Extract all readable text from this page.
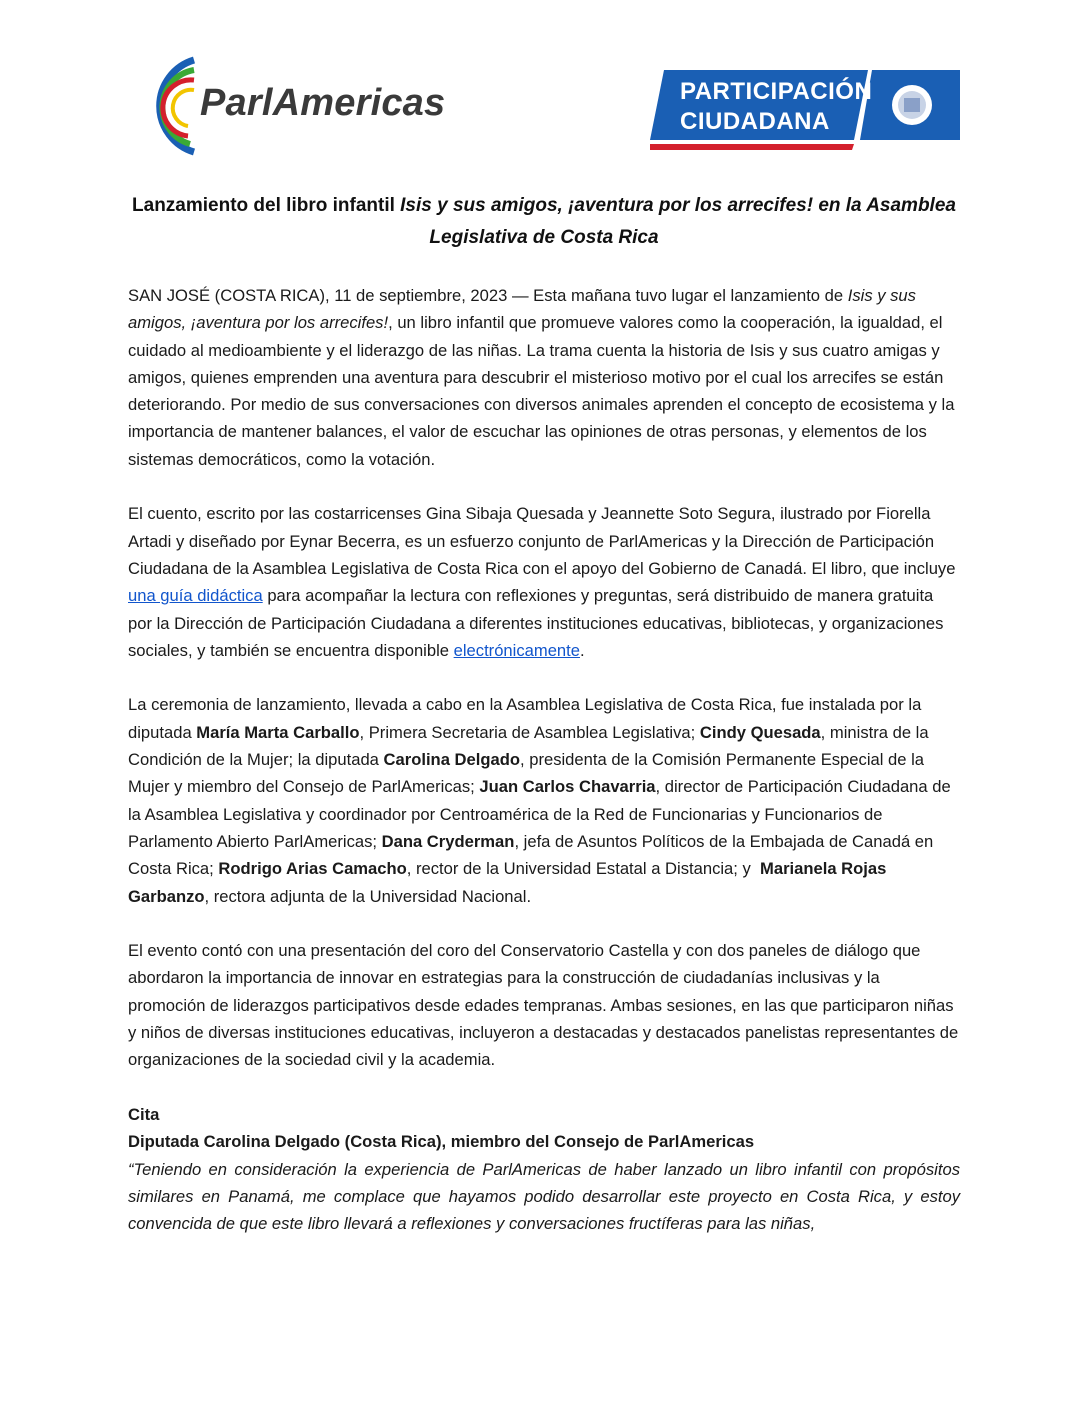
ParlAmericas	PARTICIPACIÓN
CIUDADANA
Lanzamiento del libro infantil Isis y sus amigos, ¡aventura por los arrecifes! en la Asamblea Legislativa de Costa Rica

SAN JOSÉ (COSTA RICA), 11 de septiembre, 2023 — Esta mañana tuvo lugar el lanzamiento de Isis y sus amigos, ¡aventura por los arrecifes!, un libro infantil que promueve valores como la cooperación, la igualdad, el cuidado al medioambiente y el liderazgo de las niñas. La trama cuenta la historia de Isis y sus cuatro amigas y amigos, quienes emprenden una aventura para descubrir el misterioso motivo por el cual los arrecifes se están deteriorando. Por medio de sus conversaciones con diversos animales aprenden el concepto de ecosistema y la importancia de mantener balances, el valor de escuchar las opiniones de otras personas, y elementos de los sistemas democráticos, como la votación.

El cuento, escrito por las costarricenses Gina Sibaja Quesada y Jeannette Soto Segura, ilustrado por Fiorella Artadi y diseñado por Eynar Becerra, es un esfuerzo conjunto de ParlAmericas y la Dirección de Participación Ciudadana de la Asamblea Legislativa de Costa Rica con el apoyo del Gobierno de Canadá. El libro, que incluye una guía didáctica para acompañar la lectura con reflexiones y preguntas, será distribuido de manera gratuita por la Dirección de Participación Ciudadana a diferentes instituciones educativas, bibliotecas, y organizaciones sociales, y también se encuentra disponible electrónicamente.

La ceremonia de lanzamiento, llevada a cabo en la Asamblea Legislativa de Costa Rica, fue instalada por la diputada María Marta Carballo, Primera Secretaria de Asamblea Legislativa; Cindy Quesada, ministra de la Condición de la Mujer; la diputada Carolina Delgado, presidenta de la Comisión Permanente Especial de la Mujer y miembro del Consejo de ParlAmericas; Juan Carlos Chavarria, director de Participación Ciudadana de la Asamblea Legislativa y coordinador por Centroamérica de la Red de Funcionarias y Funcionarios de Parlamento Abierto ParlAmericas; Dana Cryderman, jefa de Asuntos Políticos de la Embajada de Canadá en Costa Rica; Rodrigo Arias Camacho, rector de la Universidad Estatal a Distancia; y  Marianela Rojas Garbanzo, rectora adjunta de la Universidad Nacional.

El evento contó con una presentación del coro del Conservatorio Castella y con dos paneles de diálogo que abordaron la importancia de innovar en estrategias para la construcción de ciudadanías inclusivas y la promoción de liderazgos participativos desde edades tempranas. Ambas sesiones, en las que participaron niñas y niños de diversas instituciones educativas, incluyeron a destacadas y destacados panelistas representantes de organizaciones de la sociedad civil y la academia.

Cita
Diputada Carolina Delgado (Costa Rica), miembro del Consejo de ParlAmericas
“Teniendo en consideración la experiencia de ParlAmericas de haber lanzado un libro infantil con propósitos similares en Panamá, me complace que hayamos podido desarrollar este proyecto en Costa Rica, y estoy convencida de que este libro llevará a reflexiones y conversaciones fructíferas para las niñas,
